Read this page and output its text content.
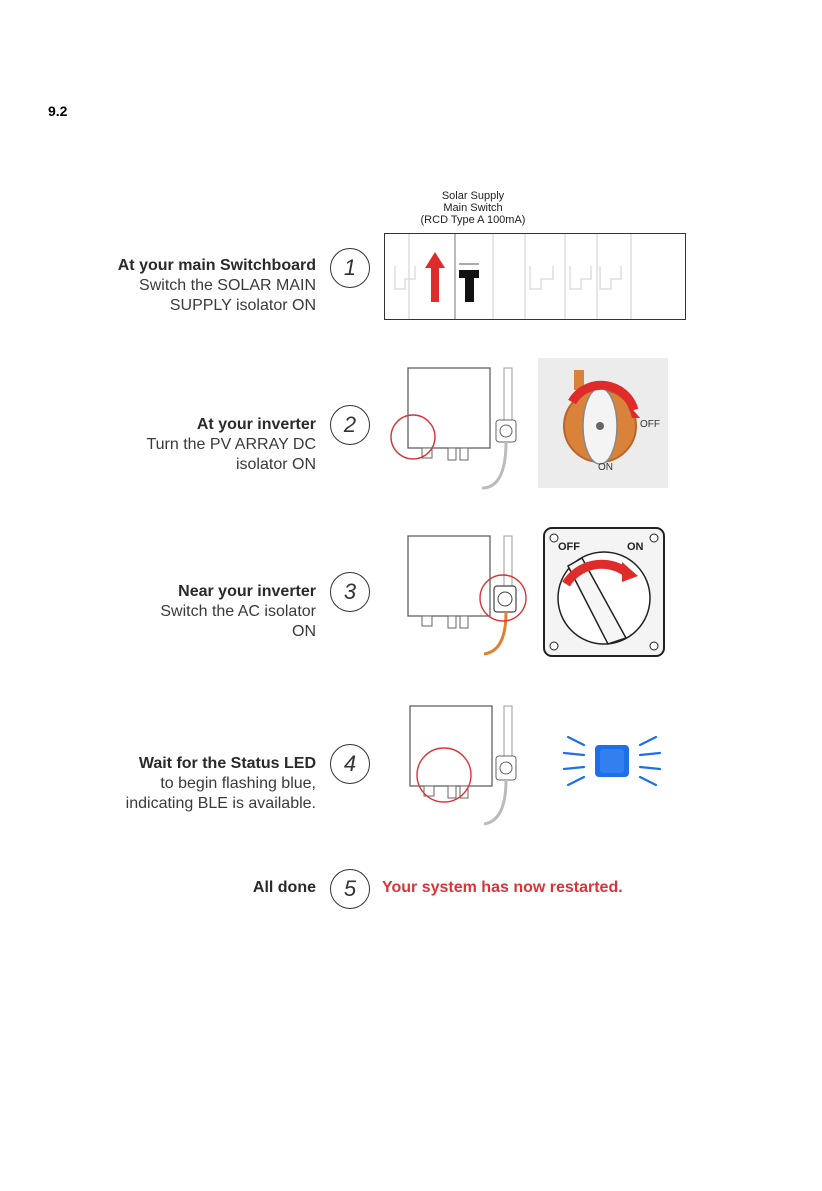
9.2
At your main Switchboard
Switch the SOLAR MAIN
SUPPLY isolator ON
1
Solar Supply
Main Switch
(RCD Type A 100mA)
At your inverter
Turn the PV ARRAY DC
isolator ON
2	OFF
ON
Near your inverter
Switch the AC isolator
ON
3
OFF	ON
Wait for the Status LED
to begin flashing blue,
indicating BLE is available.
4
All done	5	Your system has now restarted.
